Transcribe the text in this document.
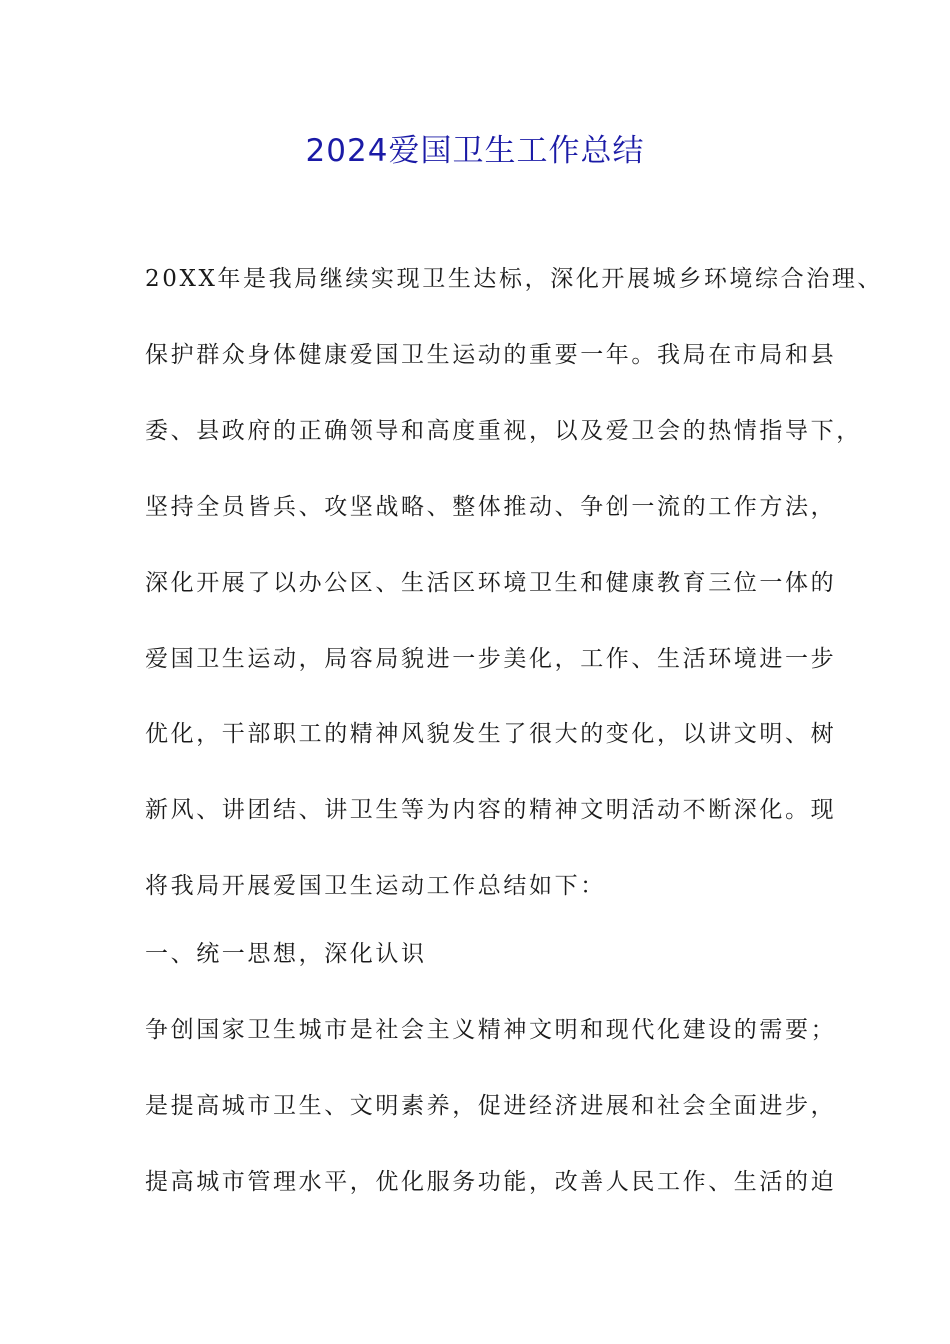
2024爱国卫生工作总结
20XX年是我局继续实现卫生达标，深化开展城乡环境综合治理、
保护群众身体健康爱国卫生运动的重要一年。我局在市局和县
委、县政府的正确领导和高度重视，以及爱卫会的热情指导下，
坚持全员皆兵、攻坚战略、整体推动、争创一流的工作方法，
深化开展了以办公区、生活区环境卫生和健康教育三位一体的
爱国卫生运动，局容局貌进一步美化，工作、生活环境进一步
优化，干部职工的精神风貌发生了很大的变化，以讲文明、树
新风、讲团结、讲卫生等为内容的精神文明活动不断深化。现
将我局开展爱国卫生运动工作总结如下：
一、统一思想，深化认识
争创国家卫生城市是社会主义精神文明和现代化建设的需要；
是提高城市卫生、文明素养，促进经济进展和社会全面进步，
提高城市管理水平，优化服务功能，改善人民工作、生活的迫
